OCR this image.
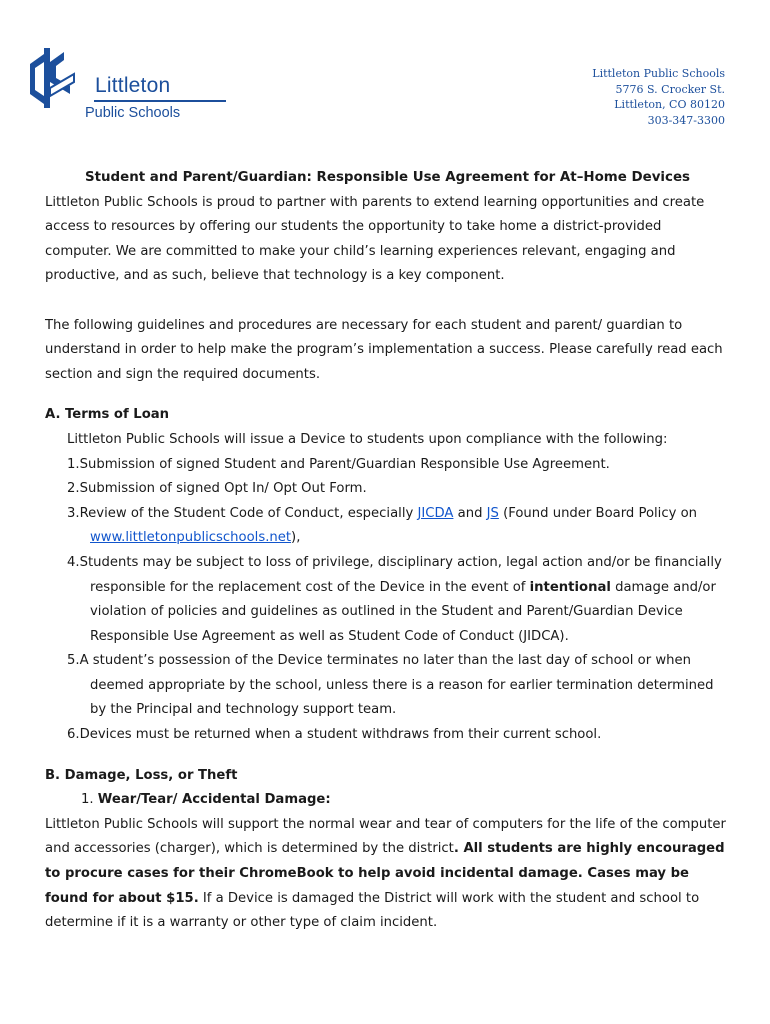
Littleton
Public Schools
Littleton Public Schools
5776 S. Crocker St.
Littleton, CO 80120
303-347-3300
Student and Parent/Guardian: Responsible Use Agreement for At–Home Devices

Littleton Public Schools is proud to partner with parents to extend learning opportunities and create access to resources by offering our students the opportunity to take home a district-provided computer. We are committed to make your child’s learning experiences relevant, engaging and productive, and as such, believe that technology is a key component.

The following guidelines and procedures are necessary for each student and parent/ guardian to understand in order to help make the program’s implementation a success. Please carefully read each section and sign the required documents.

A. Terms of Loan

Littleton Public Schools will issue a Device to students upon compliance with the following:

1.Submission of signed Student and Parent/Guardian Responsible Use Agreement.
2.Submission of signed Opt In/ Opt Out Form.
3.Review of the Student Code of Conduct, especially JICDA and JS (Found under Board Policy on www.littletonpublicschools.net),
4.Students may be subject to loss of privilege, disciplinary action, legal action and/or be financially responsible for the replacement cost of the Device in the event of intentional damage and/or violation of policies and guidelines as outlined in the Student and Parent/Guardian Device Responsible Use Agreement as well as Student Code of Conduct (JIDCA).
5.A student’s possession of the Device terminates no later than the last day of school or when deemed appropriate by the school, unless there is a reason for earlier termination determined by the Principal and technology support team.
6.Devices must be returned when a student withdraws from their current school.
B. Damage, Loss, or Theft
1. Wear/Tear/ Accidental Damage:

Littleton Public Schools will support the normal wear and tear of computers for the life of the computer and accessories (charger), which is determined by the district. All students are highly encouraged to procure cases for their ChromeBook to help avoid incidental damage. Cases may be found for about $15. If a Device is damaged the District will work with the student and school to determine if it is a warranty or other type of claim incident.
